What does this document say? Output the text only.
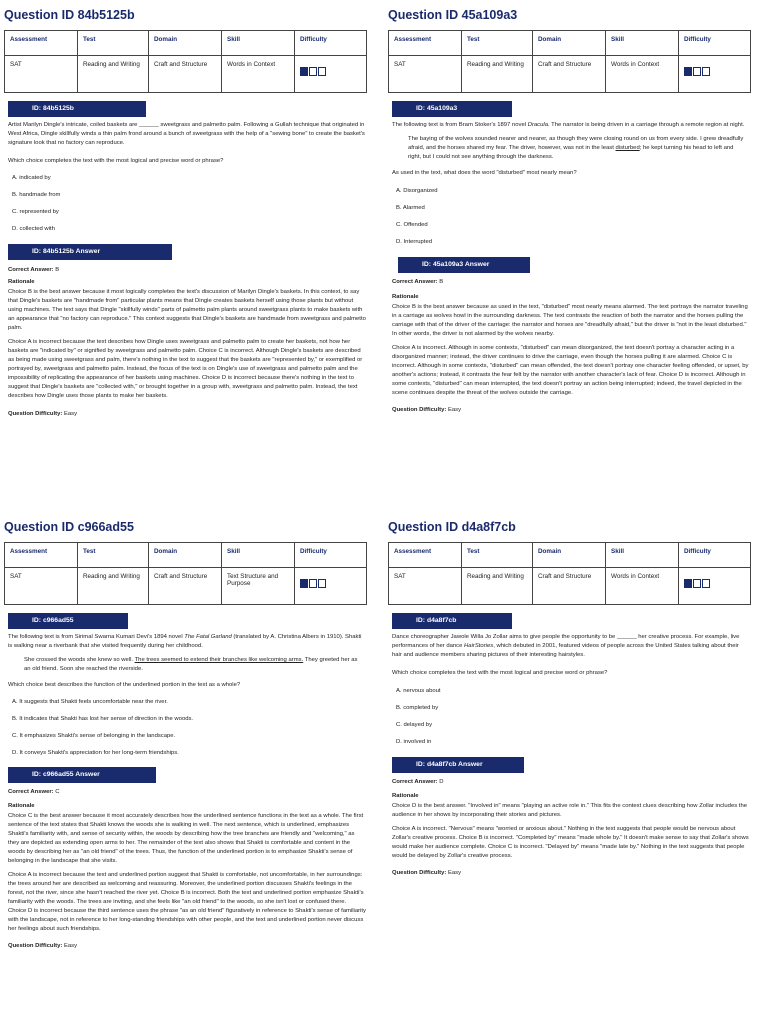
Question ID 84b5125b
Assessment	Test	Domain	Skill	Difficulty
SAT	Reading and Writing	Craft and Structure	Words in Context	
ID: 84b5125b

Artist Marilyn Dingle's intricate, coiled baskets are ______ sweetgrass and palmetto palm. Following a Gullah technique that originated in West Africa, Dingle skillfully winds a thin palm frond around a bunch of sweetgrass with the help of a "sewing bone" to create the basket's signature look that no factory can reproduce.

Which choice completes the text with the most logical and precise word or phrase?

A. indicated by
B. handmade from
C. represented by
D. collected with
ID: 84b5125b Answer
Correct Answer: B
Rationale

Choice B is the best answer because it most logically completes the text's discussion of Marilyn Dingle's baskets. In this context, to say that Dingle's baskets are "handmade from" particular plants means that Dingle creates baskets herself using those plants but without using machines. The text says that Dingle "skillfully winds" parts of palmetto palm plants around sweetgrass plants to make baskets with an appearance that "no factory can reproduce." This context suggests that Dingle's baskets are handmade from sweetgrass and palmetto palm.

Choice A is incorrect because the text describes how Dingle uses sweetgrass and palmetto palm to create her baskets, not how her baskets are "indicated by" or signified by sweetgrass and palmetto palm. Choice C is incorrect. Although Dingle's baskets are described as being made using sweetgrass and palm, there's nothing in the text to suggest that the baskets are "represented by," or exemplified or portrayed by, sweetgrass and palmetto palm. Instead, the focus of the text is on Dingle's use of sweetgrass and palmetto palm and the impossibility of replicating the appearance of her baskets using machines. Choice D is incorrect because there's nothing in the text to suggest that Dingle's baskets are "collected with," or brought together in a group with, sweetgrass and palmetto palm. Instead, the text describes how Dingle uses those plants to make her baskets.

Question Difficulty: Easy
Question ID 45a109a3
Assessment	Test	Domain	Skill	Difficulty
SAT	Reading and Writing	Craft and Structure	Words in Context	
ID: 45a109a3

The following text is from Bram Stoker's 1897 novel Dracula. The narrator is being driven in a carriage through a remote region at night.

The baying of the wolves sounded nearer and nearer, as though they were closing round on us from every side. I grew dreadfully afraid, and the horses shared my fear. The driver, however, was not in the least disturbed; he kept turning his head to left and right, but I could not see anything through the darkness.

As used in the text, what does the word "disturbed" most nearly mean?

A. Disorganized
B. Alarmed
C. Offended
D. Interrupted
ID: 45a109a3 Answer
Correct Answer: B
Rationale

Choice B is the best answer because as used in the text, "disturbed" most nearly means alarmed. The text portrays the narrator traveling in a carriage as wolves howl in the surrounding darkness. The text contrasts the reaction of both the narrator and the horses pulling the carriage with that of the driver of the carriage: the narrator and horses are "dreadfully afraid," but the driver is "not in the least disturbed." In other words, the driver is not alarmed by the wolves nearby.

Choice A is incorrect. Although in some contexts, "disturbed" can mean disorganized, the text doesn't portray a character acting in a disorganized manner; instead, the driver continues to drive the carriage, even though the horses pulling it are alarmed. Choice C is incorrect. Although in some contexts, "disturbed" can mean offended, the text doesn't portray one character feeling offended, or upset, by another's actions; instead, it contrasts the fear felt by the narrator with another character's lack of fear. Choice D is incorrect. Although in some contexts, "disturbed" can mean interrupted, the text doesn't portray an action being interrupted; indeed, the travel depicted in the scene continues despite the threat of the wolves outside the carriage.

Question Difficulty: Easy
Question ID c966ad55
Assessment	Test	Domain	Skill	Difficulty
SAT	Reading and Writing	Craft and Structure	Text Structure and Purpose	
ID: c966ad55

The following text is from Sirimal Swarna Kumari Devi's 1894 novel The Fatal Garland (translated by A. Christina Albers in 1910). Shakti is walking near a riverbank that she visited frequently during her childhood.

She crossed the woods she knew so well. The trees seemed to extend their branches like welcoming arms. They greeted her as an old friend. Soon she reached the riverside.

Which choice best describes the function of the underlined portion in the text as a whole?

A. It suggests that Shakti feels uncomfortable near the river.
B. It indicates that Shakti has lost her sense of direction in the woods.
C. It emphasizes Shakti's sense of belonging in the landscape.
D. It conveys Shakti's appreciation for her long-term friendships.
ID: c966ad55 Answer
Correct Answer: C
Rationale

Choice C is the best answer because it most accurately describes how the underlined sentence functions in the text as a whole. The first sentence of the text states that Shakti knows the woods she is walking in well. The next sentence, which is underlined, emphasizes Shakti's familiarity with, and sense of security within, the woods by describing how the tree branches are friendly and "welcoming," as they are depicted as extending open arms to her. The remainder of the text also shows that Shakti is comfortable and content in the woods by describing her as "an old friend" of the trees. Thus, the function of the underlined portion is to emphasize Shakti's sense of belonging in the landscape that she visits.

Choice A is incorrect because the text and underlined portion suggest that Shakti is comfortable, not uncomfortable, in her surroundings: the trees around her are described as welcoming and reassuring. Moreover, the underlined portion discusses Shakti's feelings in the forest, not the river, since she hasn't reached the river yet. Choice B is incorrect. Both the text and underlined portion emphasize Shakti's familiarity with the woods. The trees are inviting, and she feels like "an old friend" to the woods, so she isn't lost or confused there. Choice D is incorrect because the third sentence uses the phrase "as an old friend" figuratively in reference to Shakti's sense of familiarity with the landscape, not in reference to her long-standing friendships with other people, and the text and underlined portion never discuss her feelings about such friendships.

Question Difficulty: Easy
Question ID d4a8f7cb
Assessment	Test	Domain	Skill	Difficulty
SAT	Reading and Writing	Craft and Structure	Words in Context	
ID: d4a8f7cb

Dance choreographer Jawole Willa Jo Zollar aims to give people the opportunity to be ______ her creative process. For example, live performances of her dance HairStories, which debuted in 2001, featured videos of people across the United States talking about their hair and audience members sharing pictures of their interesting hairstyles.

Which choice completes the text with the most logical and precise word or phrase?

A. nervous about
B. completed by
C. delayed by
D. involved in
ID: d4a8f7cb Answer
Correct Answer: D
Rationale

Choice D is the best answer. "Involved in" means "playing an active role in." This fits the context clues describing how Zollar includes the audience in her shows by incorporating their stories and pictures.

Choice A is incorrect. "Nervous" means "worried or anxious about." Nothing in the text suggests that people would be nervous about Zollar's creative process. Choice B is incorrect. "Completed by" means "made whole by." It doesn't make sense to say that Zollar's shows would make her audience complete. Choice C is incorrect. "Delayed by" means "made late by." Nothing in the text suggests that people would be delayed by Zollar's creative process.

Question Difficulty: Easy
